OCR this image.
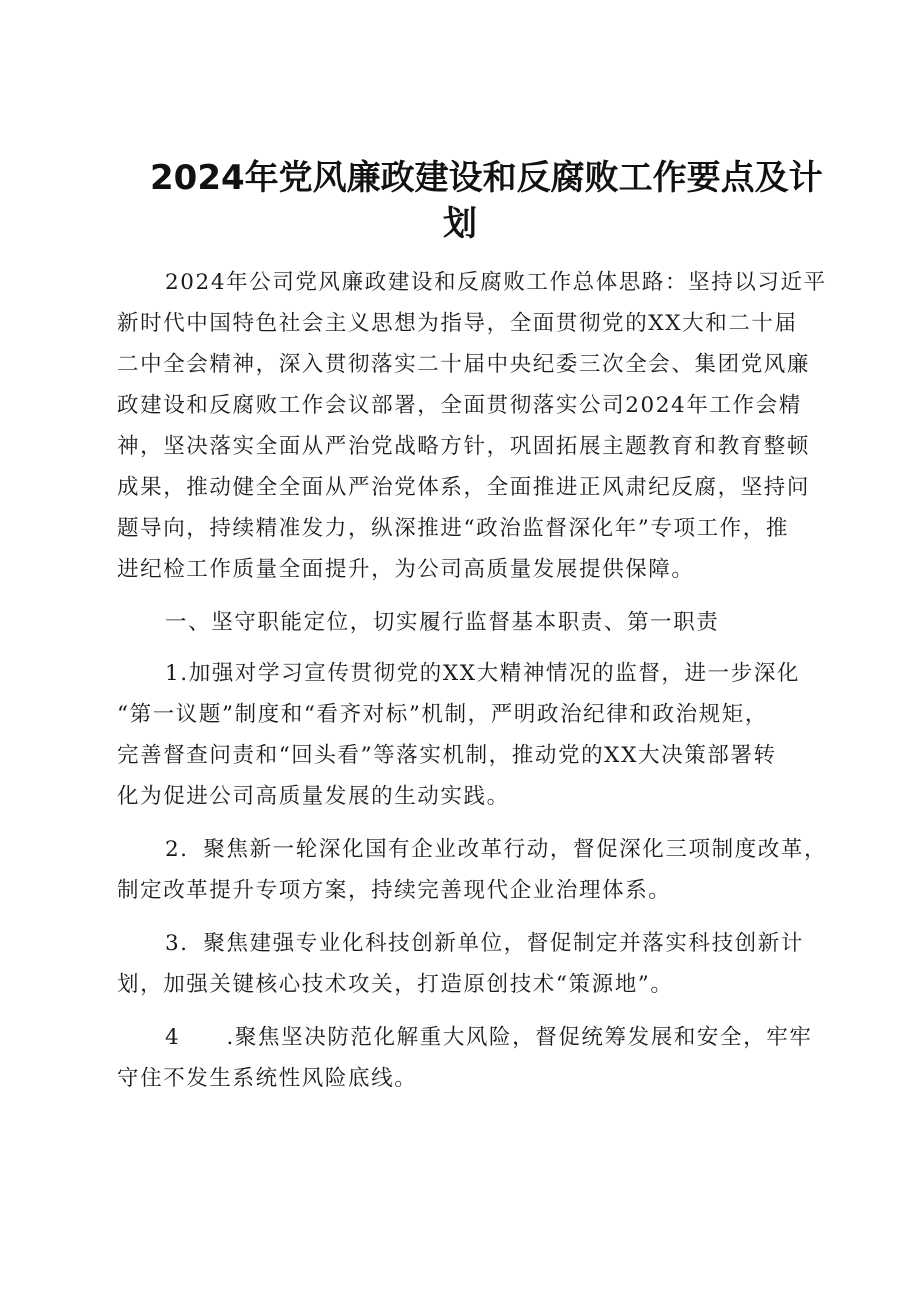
2024年党风廉政建设和反腐败工作要点及计
划
2024年公司党风廉政建设和反腐败工作总体思路：坚持以习近平
新时代中国特色社会主义思想为指导，全面贯彻党的XX大和二十届
二中全会精神，深入贯彻落实二十届中央纪委三次全会、集团党风廉
政建设和反腐败工作会议部署，全面贯彻落实公司2024年工作会精
神，坚决落实全面从严治党战略方针，巩固拓展主题教育和教育整顿
成果，推动健全全面从严治党体系，全面推进正风肃纪反腐，坚持问
题导向，持续精准发力，纵深推进“政治监督深化年”专项工作，推
进纪检工作质量全面提升，为公司高质量发展提供保障。
一、坚守职能定位，切实履行监督基本职责、第一职责
1.加强对学习宣传贯彻党的XX大精神情况的监督，进一步深化
“第一议题”制度和“看齐对标”机制，严明政治纪律和政治规矩，
完善督查问责和“回头看”等落实机制，推动党的XX大决策部署转
化为促进公司高质量发展的生动实践。
2．聚焦新一轮深化国有企业改革行动，督促深化三项制度改革，
制定改革提升专项方案，持续完善现代企业治理体系。
3．聚焦建强专业化科技创新单位，督促制定并落实科技创新计
划，加强关键核心技术攻关，打造原创技术“策源地”。
4　　.聚焦坚决防范化解重大风险，督促统筹发展和安全，牢牢
守住不发生系统性风险底线。
